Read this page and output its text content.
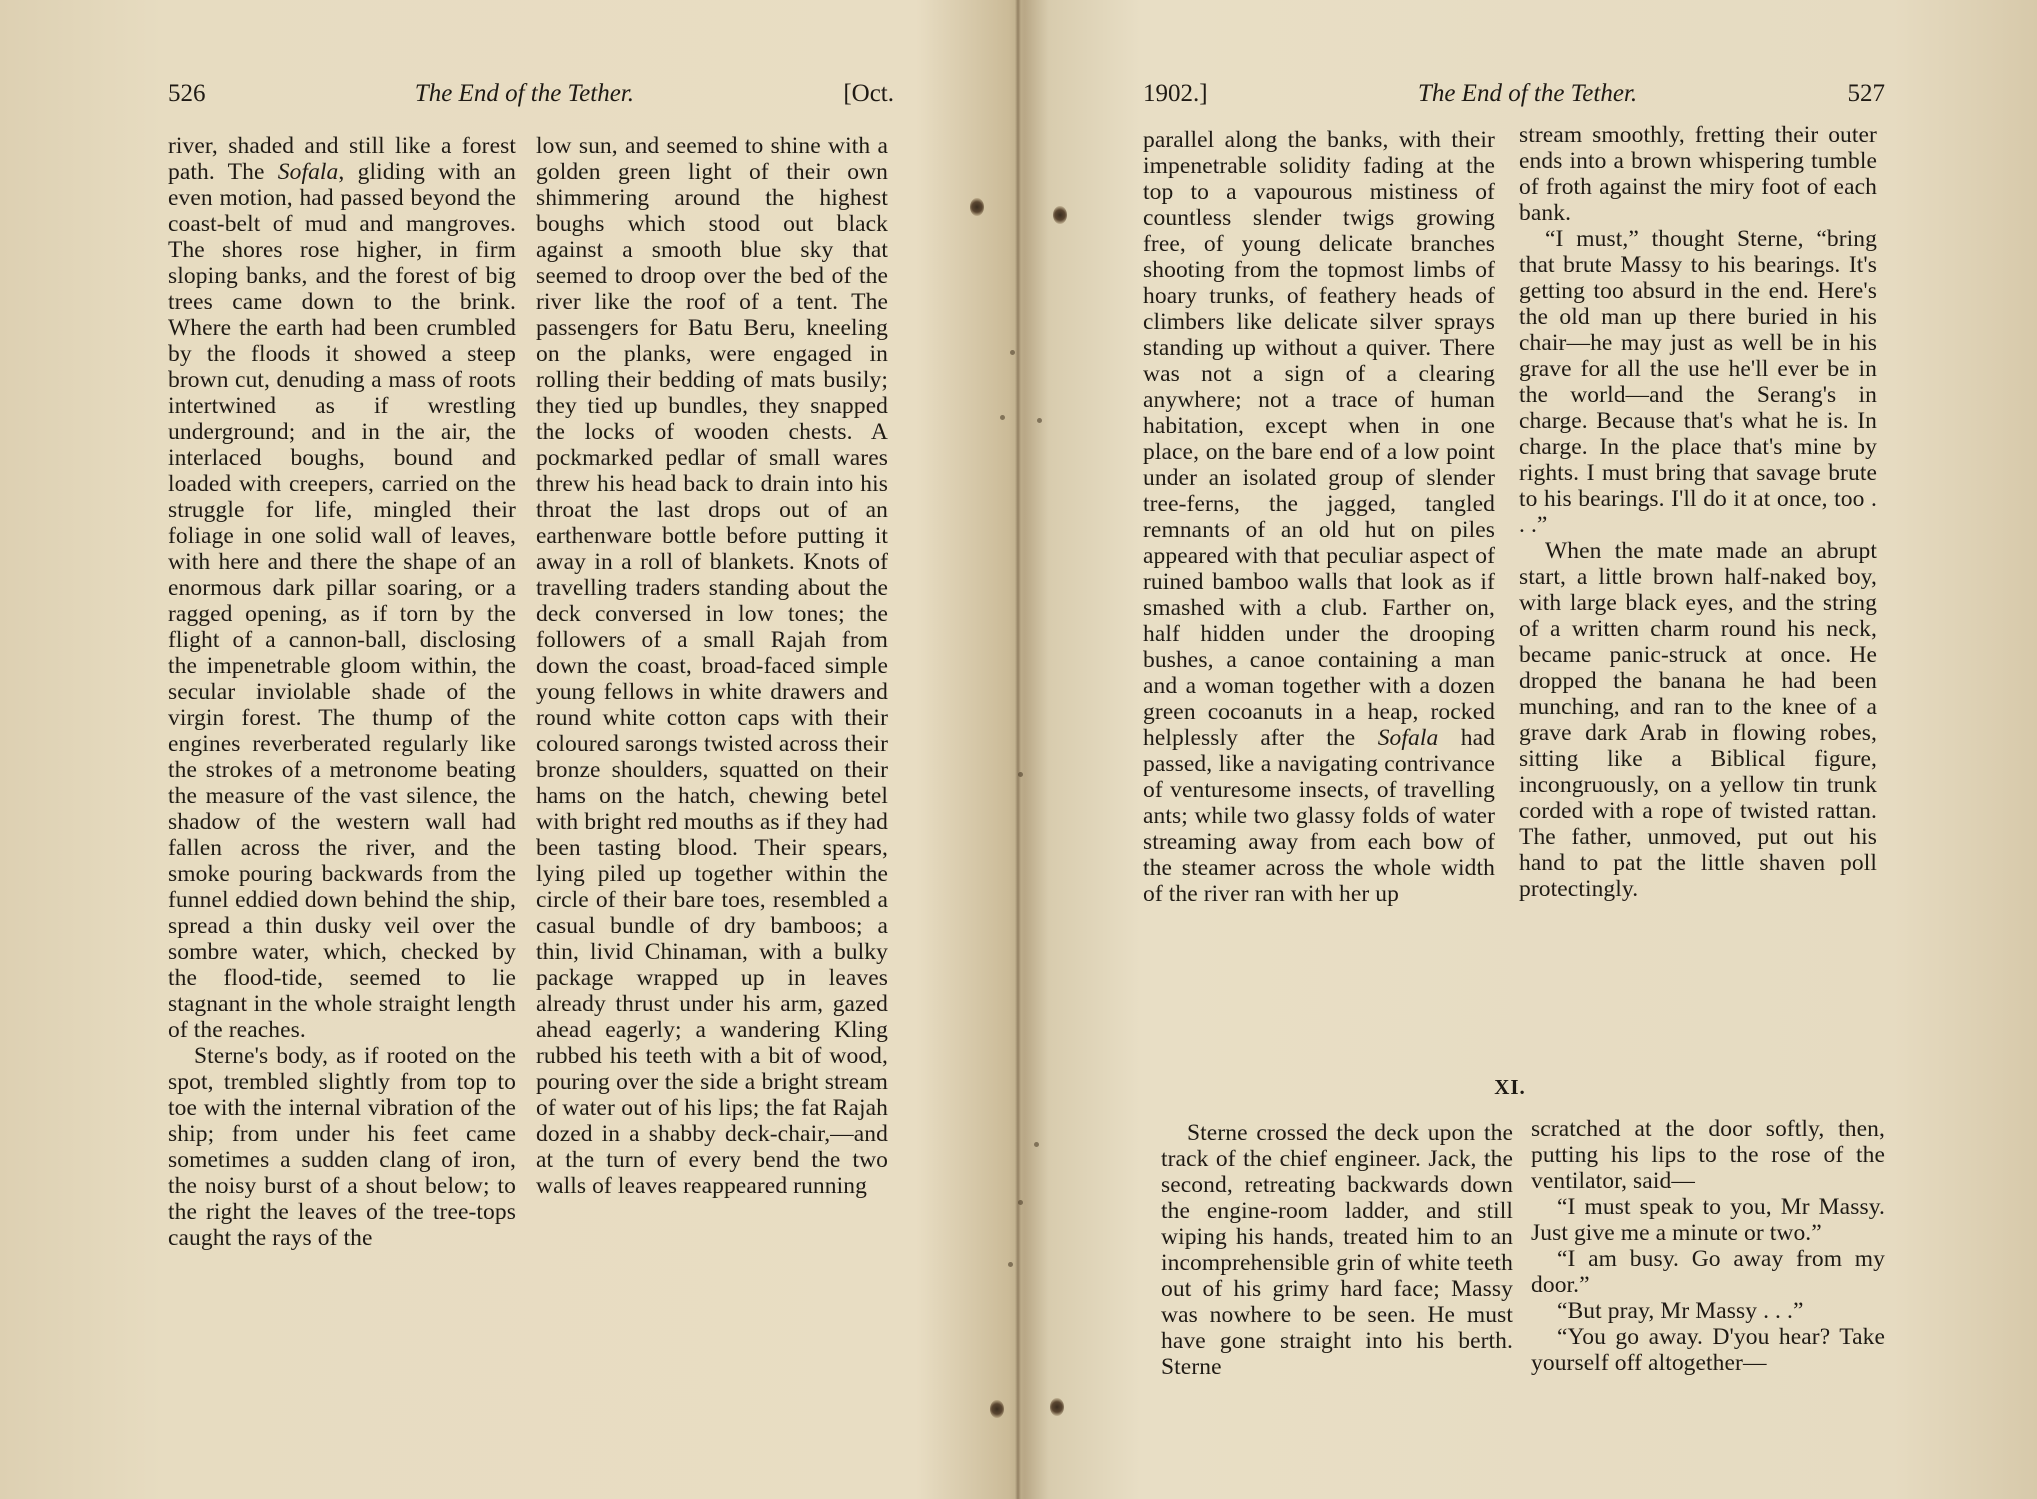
526	The End of the Tether.	[Oct.

river, shaded and still like a forest path. The Sofala, gliding with an even motion, had passed beyond the coast-belt of mud and mangroves. The shores rose higher, in firm sloping banks, and the forest of big trees came down to the brink. Where the earth had been crumbled by the floods it showed a steep brown cut, denuding a mass of roots intertwined as if wrestling underground; and in the air, the interlaced boughs, bound and loaded with creepers, carried on the struggle for life, mingled their foliage in one solid wall of leaves, with here and there the shape of an enormous dark pillar soaring, or a ragged opening, as if torn by the flight of a cannon-ball, disclosing the impenetrable gloom within, the secular inviolable shade of the virgin forest. The thump of the engines reverberated regularly like the strokes of a metronome beating the measure of the vast silence, the shadow of the western wall had fallen across the river, and the smoke pouring backwards from the funnel eddied down behind the ship, spread a thin dusky veil over the sombre water, which, checked by the flood-tide, seemed to lie stagnant in the whole straight length of the reaches.

Sterne's body, as if rooted on the spot, trembled slightly from top to toe with the internal vibration of the ship; from under his feet came sometimes a sudden clang of iron, the noisy burst of a shout below; to the right the leaves of the tree-tops caught the rays of the

low sun, and seemed to shine with a golden green light of their own shimmering around the highest boughs which stood out black against a smooth blue sky that seemed to droop over the bed of the river like the roof of a tent. The passengers for Batu Beru, kneeling on the planks, were engaged in rolling their bedding of mats busily; they tied up bundles, they snapped the locks of wooden chests. A pockmarked pedlar of small wares threw his head back to drain into his throat the last drops out of an earthenware bottle before putting it away in a roll of blankets. Knots of travelling traders standing about the deck conversed in low tones; the followers of a small Rajah from down the coast, broad-faced simple young fellows in white drawers and round white cotton caps with their coloured sarongs twisted across their bronze shoulders, squatted on their hams on the hatch, chewing betel with bright red mouths as if they had been tasting blood. Their spears, lying piled up together within the circle of their bare toes, resembled a casual bundle of dry bamboos; a thin, livid Chinaman, with a bulky package wrapped up in leaves already thrust under his arm, gazed ahead eagerly; a wandering Kling rubbed his teeth with a bit of wood, pouring over the side a bright stream of water out of his lips; the fat Rajah dozed in a shabby deck-chair,—and at the turn of every bend the two walls of leaves reappeared running

1902.]	The End of the Tether.	527

parallel along the banks, with their impenetrable solidity fading at the top to a vapourous mistiness of countless slender twigs growing free, of young delicate branches shooting from the topmost limbs of hoary trunks, of feathery heads of climbers like delicate silver sprays standing up without a quiver. There was not a sign of a clearing anywhere; not a trace of human habitation, except when in one place, on the bare end of a low point under an isolated group of slender tree-ferns, the jagged, tangled remnants of an old hut on piles appeared with that peculiar aspect of ruined bamboo walls that look as if smashed with a club. Farther on, half hidden under the drooping bushes, a canoe containing a man and a woman together with a dozen green cocoanuts in a heap, rocked helplessly after the Sofala had passed, like a navigating contrivance of venturesome insects, of travelling ants; while two glassy folds of water streaming away from each bow of the steamer across the whole width of the river ran with her up

stream smoothly, fretting their outer ends into a brown whispering tumble of froth against the miry foot of each bank.

“I must,” thought Sterne, “bring that brute Massy to his bearings. It's getting too absurd in the end. Here's the old man up there buried in his chair—he may just as well be in his grave for all the use he'll ever be in the world—and the Serang's in charge. Because that's what he is. In charge. In the place that's mine by rights. I must bring that savage brute to his bearings. I'll do it at once, too . . .”

When the mate made an abrupt start, a little brown half-naked boy, with large black eyes, and the string of a written charm round his neck, became panic-struck at once. He dropped the banana he had been munching, and ran to the knee of a grave dark Arab in flowing robes, sitting like a Biblical figure, incongruously, on a yellow tin trunk corded with a rope of twisted rattan. The father, unmoved, put out his hand to pat the little shaven poll protectingly.

XI.

Sterne crossed the deck upon the track of the chief engineer. Jack, the second, retreating backwards down the engine-room ladder, and still wiping his hands, treated him to an incomprehensible grin of white teeth out of his grimy hard face; Massy was nowhere to be seen. He must have gone straight into his berth. Sterne

scratched at the door softly, then, putting his lips to the rose of the ventilator, said—

“I must speak to you, Mr Massy. Just give me a minute or two.”

“I am busy. Go away from my door.”

“But pray, Mr Massy . . .”

“You go away. D'you hear? Take yourself off altogether—
